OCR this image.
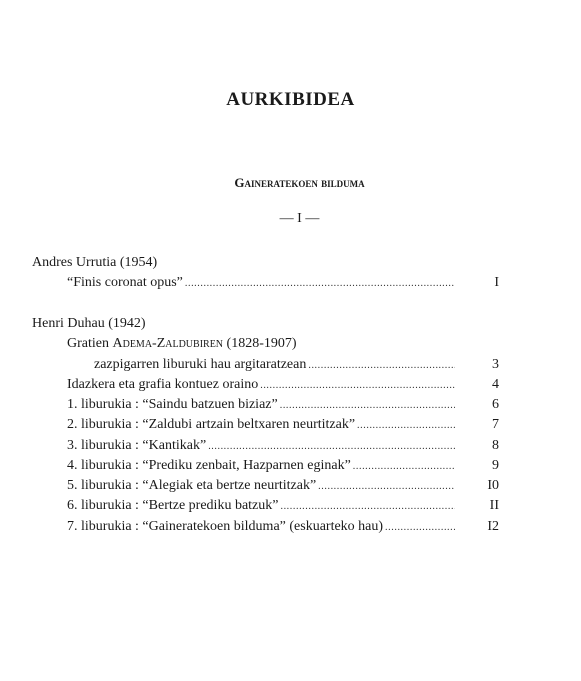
AURKIBIDEA
Gaineratekoen bilduma
— I —
Andres Urrutia (1954)
“Finis coronat opus” .....	I
Henri Duhau (1942)
Gratien Adema-Zaldubiren (1828-1907)
zazpigarren liburuki hau argitaratzean .....	3
Idazkera eta grafia kontuez oraino .....	4
1. liburukia : “Saindu batzuen biziaz” .....	6
2. liburukia : “Zaldubi artzain beltxaren neurtitzak” .....	7
3. liburukia : “Kantikak” .....	8
4. liburukia : “Prediku zenbait, Hazparnen eginak” .....	9
5. liburukia : “Alegiak eta bertze neurtitzak” .....	I0
6. liburukia : “Bertze prediku batzuk” .....	II
7. liburukia : “Gaineratekoen bilduma” (eskuarteko hau) .....	I2
